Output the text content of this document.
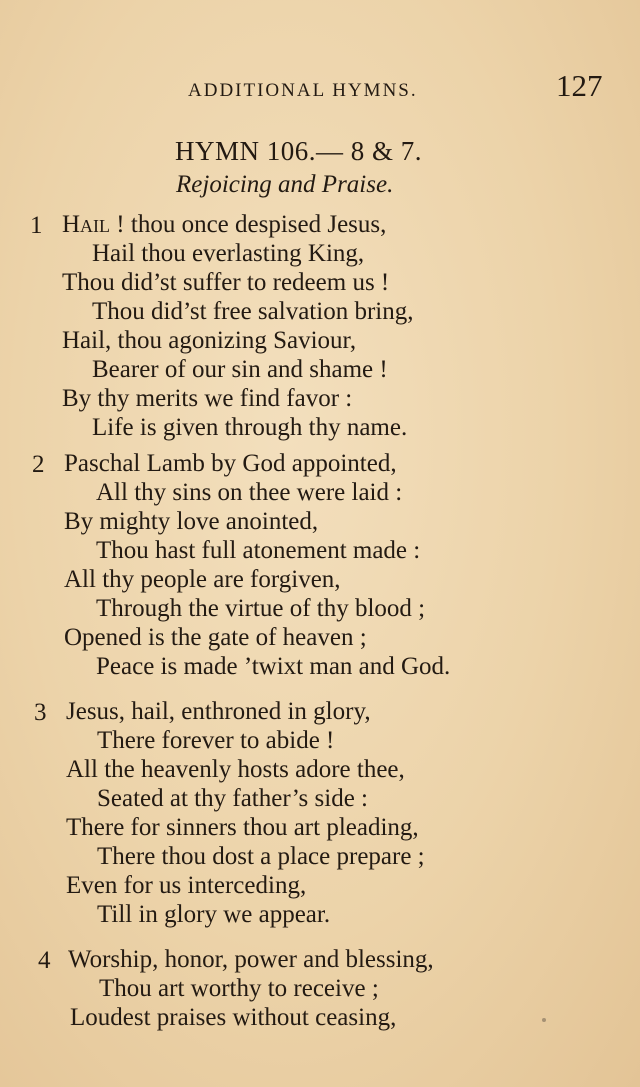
ADDITIONAL HYMNS.	127
HYMN 106.— 8 & 7.
Rejoicing and Praise.
1 Hail ! thou once despised Jesus,
Hail thou everlasting King,
Thou did’st suffer to redeem us !
Thou did’st free salvation bring,
Hail, thou agonizing Saviour,
Bearer of our sin and shame !
By thy merits we find favor :
Life is given through thy name.
2 Paschal Lamb by God appointed,
All thy sins on thee were laid :
By mighty love anointed,
Thou hast full atonement made :
All thy people are forgiven,
Through the virtue of thy blood ;
Opened is the gate of heaven ;
Peace is made ’twixt man and God.
3 Jesus, hail, enthroned in glory,
There forever to abide !
All the heavenly hosts adore thee,
Seated at thy father’s side :
There for sinners thou art pleading,
There thou dost a place prepare ;
Even for us interceding,
Till in glory we appear.
4 Worship, honor, power and blessing,
Thou art worthy to receive ;
Loudest praises without ceasing,
